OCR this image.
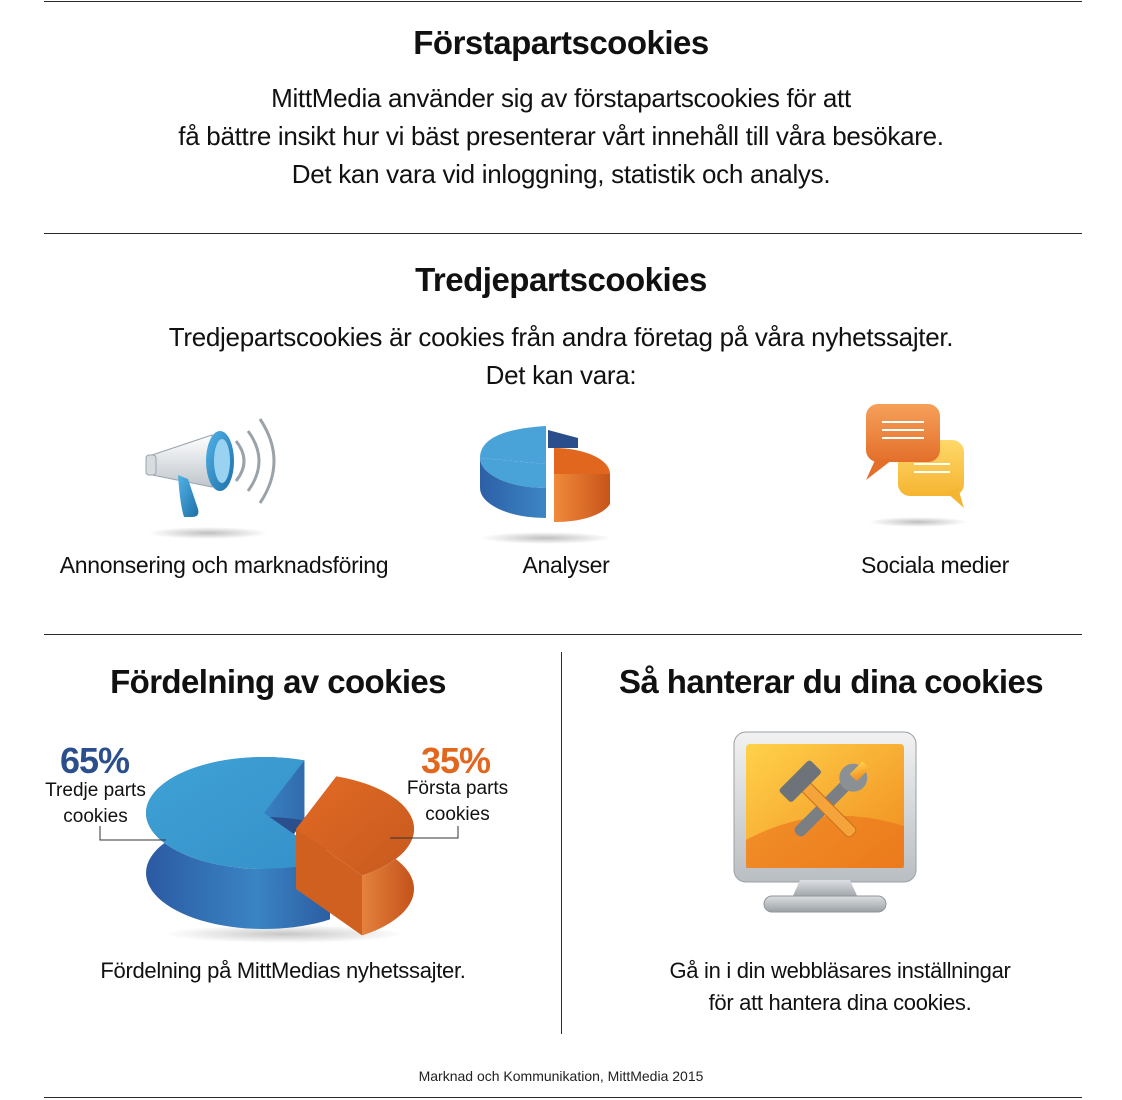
Förstapartscookies
MittMedia använder sig av förstapartscookies för att
få bättre insikt hur vi bäst presenterar vårt innehåll till våra besökare.
Det kan vara vid inloggning, statistik och analys.
Tredjepartscookies
Tredjepartscookies är cookies från andra företag på våra nyhetssajter.
Det kan vara:
Annonsering och marknadsföring	Analyser	Sociala medier
Fördelning av cookies
65%
Tredje parts
cookies
35%
Första parts
cookies
Fördelning på MittMedias nyhetssajter.
Så hanterar du dina cookies
Gå in i din webbläsares inställningar
för att hantera dina cookies.
Marknad och Kommunikation, MittMedia 2015
